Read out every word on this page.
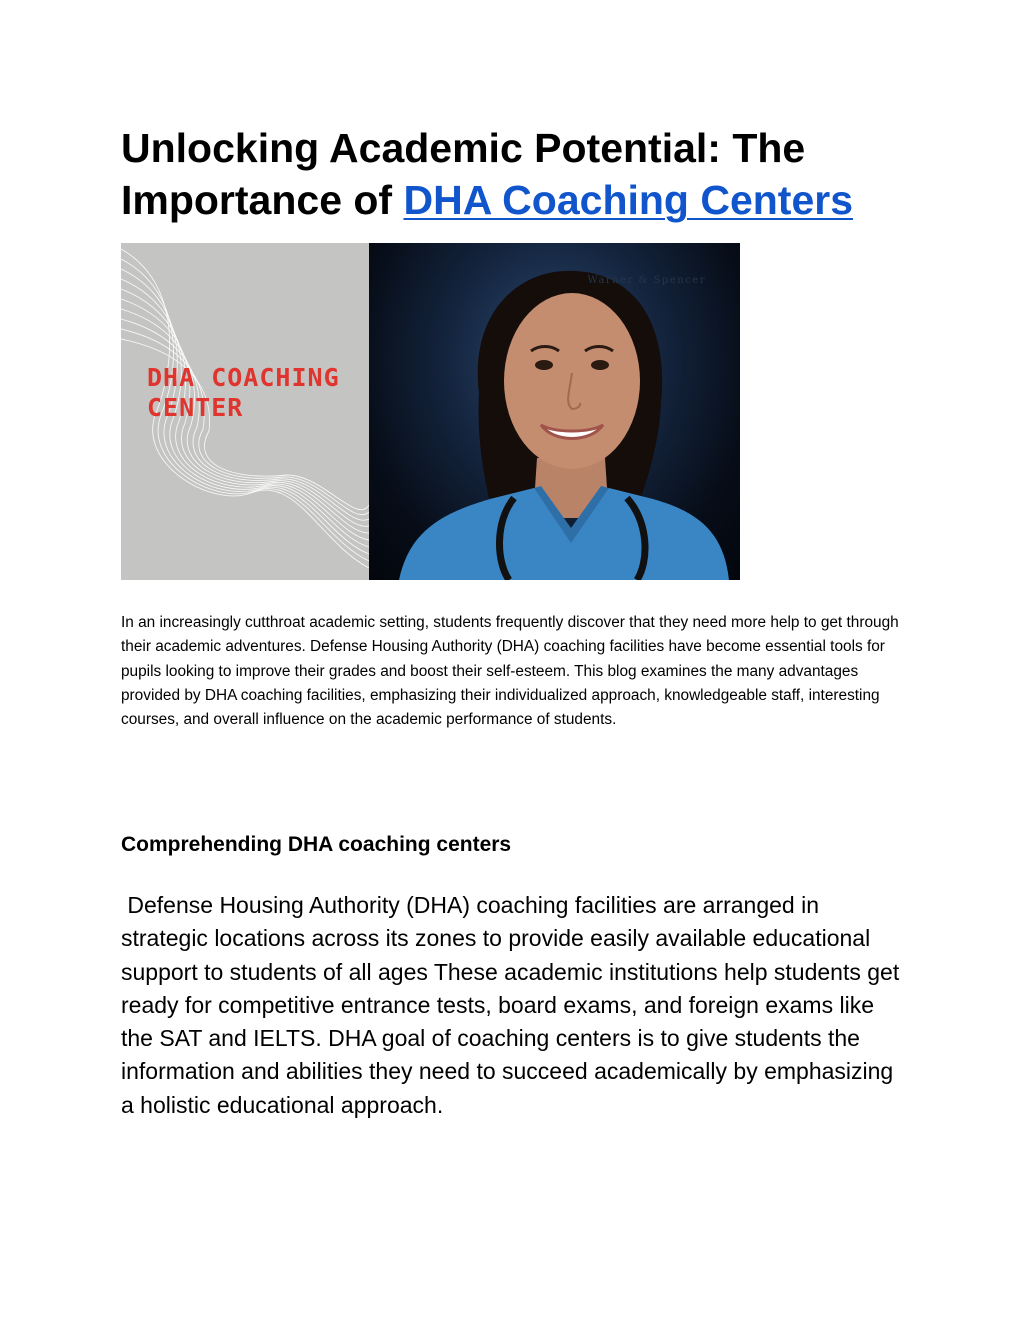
Unlocking Academic Potential: The Importance of DHA Coaching Centers

DHA COACHING
CENTER

Warner & Spencer

In an increasingly cutthroat academic setting, students frequently discover that they need more help to get through their academic adventures. Defense Housing Authority (DHA) coaching facilities have become essential tools for pupils looking to improve their grades and boost their self-esteem. This blog examines the many advantages provided by DHA coaching facilities, emphasizing their individualized approach, knowledgeable staff, interesting courses, and overall influence on the academic performance of students.

Comprehending DHA coaching centers

Defense Housing Authority (DHA) coaching facilities are arranged in strategic locations across its zones to provide easily available educational support to students of all ages These academic institutions help students get ready for competitive entrance tests, board exams, and foreign exams like the SAT and IELTS. DHA goal of coaching centers is to give students the information and abilities they need to succeed academically by emphasizing a holistic educational approach.
